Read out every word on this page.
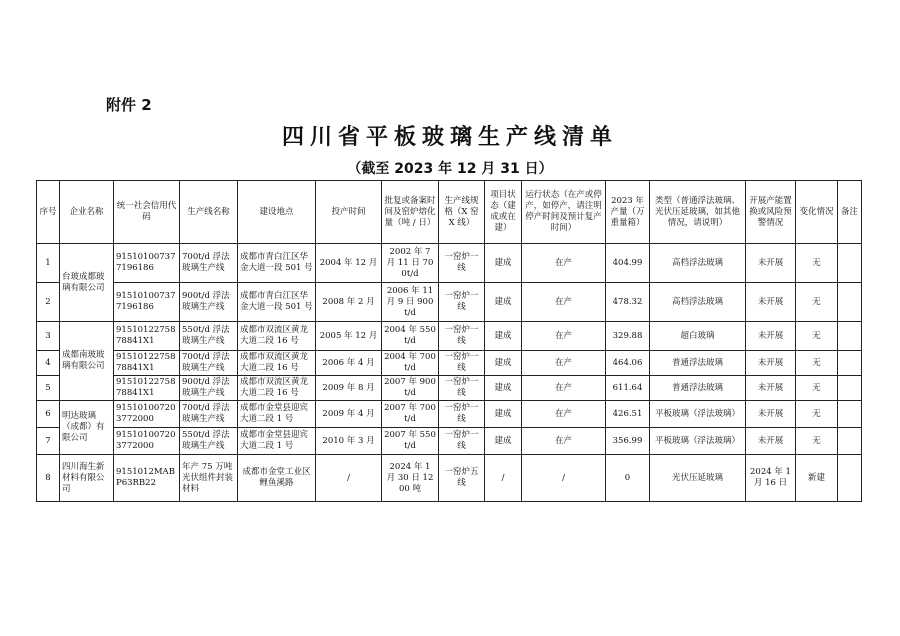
附件 2
四川省平板玻璃生产线清单
（截至 2023 年 12 月 31 日）
序号	企业名称	统一社会信用代码	生产线名称	建设地点	投产时间	批复或备案时间及窑炉熔化量（吨 / 日）	生产线规格（X 窑 X 线）	项目状态（建成或在建）	运行状态（在产或停产，如停产，请注明停产时间及预计复产时间）	2023 年产量（万重量箱）	类型（普通浮法玻璃、光伏压延玻璃，如其他情况，请说明）	开展产能置换或风险预警情况	变化情况	备注
1	台玻成都玻璃有限公司	915101007377196186	700t/d 浮法玻璃生产线	成都市青白江区华金大道一段 501 号	2004 年 12 月	2002 年 7 月 11 日 700t/d	一窑炉一线	建成	在产	404.99	高档浮法玻璃	未开展	无	
2		915101007377196186	900t/d 浮法玻璃生产线	成都市青白江区华金大道一段 501 号	2008 年 2 月	2006 年 11 月 9 日 900t/d	一窑炉一线	建成	在产	478.32	高档浮法玻璃	未开展	无	
3	成都南玻玻璃有限公司	9151012275878841X1	550t/d 浮法玻璃生产线	成都市双流区黄龙大道二段 16 号	2005 年 12 月	2004 年 550t/d	一窑炉一线	建成	在产	329.88	超白玻璃	未开展	无	
4		9151012275878841X1	700t/d 浮法玻璃生产线	成都市双流区黄龙大道二段 16 号	2006 年 4 月	2004 年 700t/d	一窑炉一线	建成	在产	464.06	普通浮法玻璃	未开展	无	
5		9151012275878841X1	900t/d 浮法玻璃生产线	成都市双流区黄龙大道二段 16 号	2009 年 8 月	2007 年 900t/d	一窑炉一线	建成	在产	611.64	普通浮法玻璃	未开展	无	
6	明达玻璃（成都）有限公司	915101007203772000	700t/d 浮法玻璃生产线	成都市金堂县迎宾大道二段 1 号	2009 年 4 月	2007 年 700t/d	一窑炉一线	建成	在产	426.51	平板玻璃（浮法玻璃）	未开展	无	
7		915101007203772000	550t/d 浮法玻璃生产线	成都市金堂县迎宾大道二段 1 号	2010 年 3 月	2007 年 550t/d	一窑炉一线	建成	在产	356.99	平板玻璃（浮法玻璃）	未开展	无	
8	四川海生新材料有限公司	9151012MABP63RB22	年产 75 万吨光伏组件封装材料	成都市金堂工业区鲤鱼溪路	/	2024 年 1 月 30 日 1200 吨	一窑炉五线	/	/	0	光伏压延玻璃	2024 年 1 月 16 日	新建	
